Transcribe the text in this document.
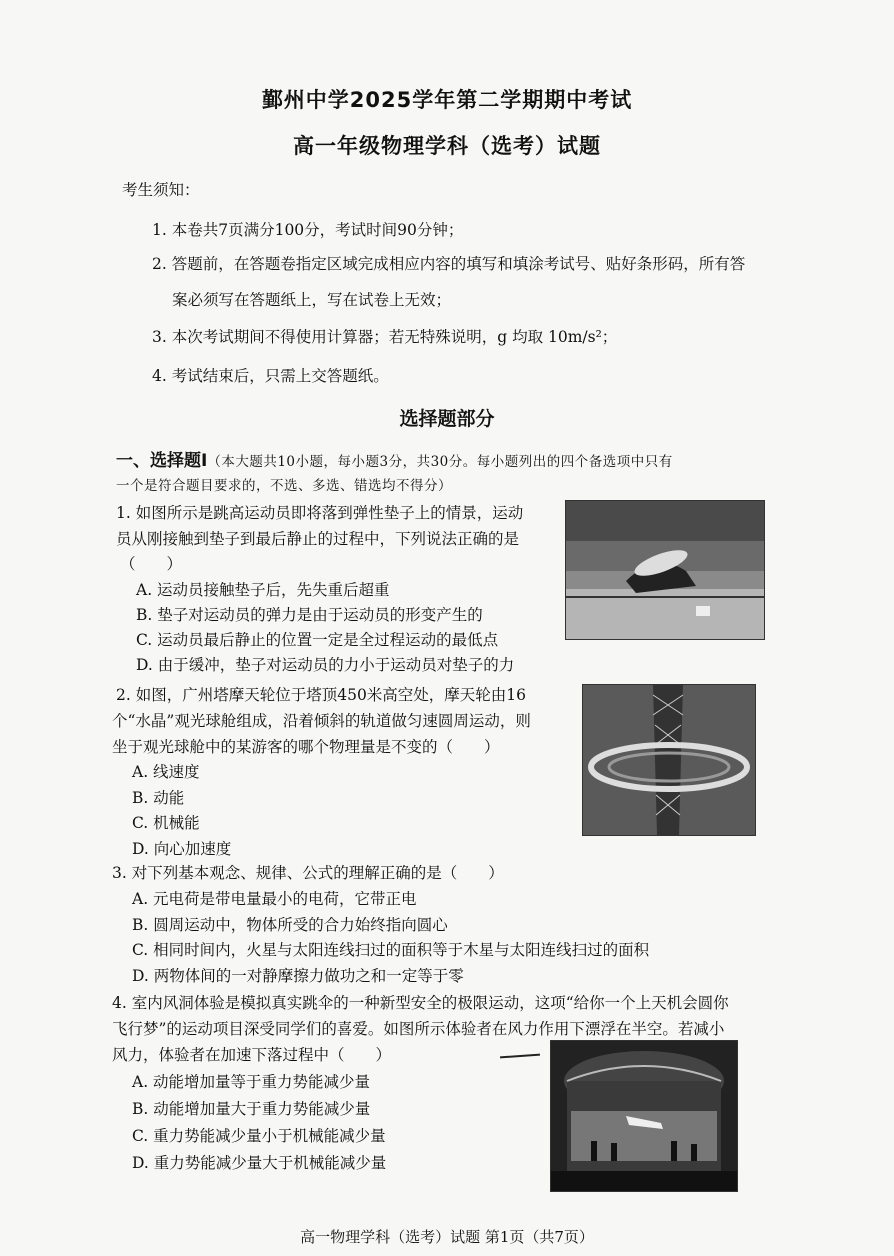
鄞州中学2025学年第二学期期中考试
高一年级物理学科（选考）试题
考生须知：
1. 本卷共7页满分100分，考试时间90分钟；
2. 答题前，在答题卷指定区域完成相应内容的填写和填涂考试号、贴好条形码，所有答
案必须写在答题纸上，写在试卷上无效；
3. 本次考试期间不得使用计算器；若无特殊说明，g 均取 10m/s²；
4. 考试结束后，只需上交答题纸。
选择题部分
一、选择题Ⅰ（本大题共10小题，每小题3分，共30分。每小题列出的四个备选项中只有
一个是符合题目要求的，不选、多选、错选均不得分）
1. 如图所示是跳高运动员即将落到弹性垫子上的情景，运动
员从刚接触到垫子到最后静止的过程中，下列说法正确的是
（　　）
A. 运动员接触垫子后，先失重后超重
B. 垫子对运动员的弹力是由于运动员的形变产生的
C. 运动员最后静止的位置一定是全过程运动的最低点
D. 由于缓冲，垫子对运动员的力小于运动员对垫子的力
2. 如图，广州塔摩天轮位于塔顶450米高空处，摩天轮由16
个“水晶”观光球舱组成，沿着倾斜的轨道做匀速圆周运动，则
坐于观光球舱中的某游客的哪个物理量是不变的（　　）
A. 线速度
B. 动能
C. 机械能
D. 向心加速度
3. 对下列基本观念、规律、公式的理解正确的是（　　）
A. 元电荷是带电量最小的电荷，它带正电
B. 圆周运动中，物体所受的合力始终指向圆心
C. 相同时间内，火星与太阳连线扫过的面积等于木星与太阳连线扫过的面积
D. 两物体间的一对静摩擦力做功之和一定等于零
4. 室内风洞体验是模拟真实跳伞的一种新型安全的极限运动，这项“给你一个上天机会圆你
飞行梦”的运动项目深受同学们的喜爱。如图所示体验者在风力作用下漂浮在半空。若减小
风力，体验者在加速下落过程中（　　）
A. 动能增加量等于重力势能减少量
B. 动能增加量大于重力势能减少量
C. 重力势能减少量小于机械能减少量
D. 重力势能减少量大于机械能减少量
高一物理学科（选考）试题 第1页（共7页）
